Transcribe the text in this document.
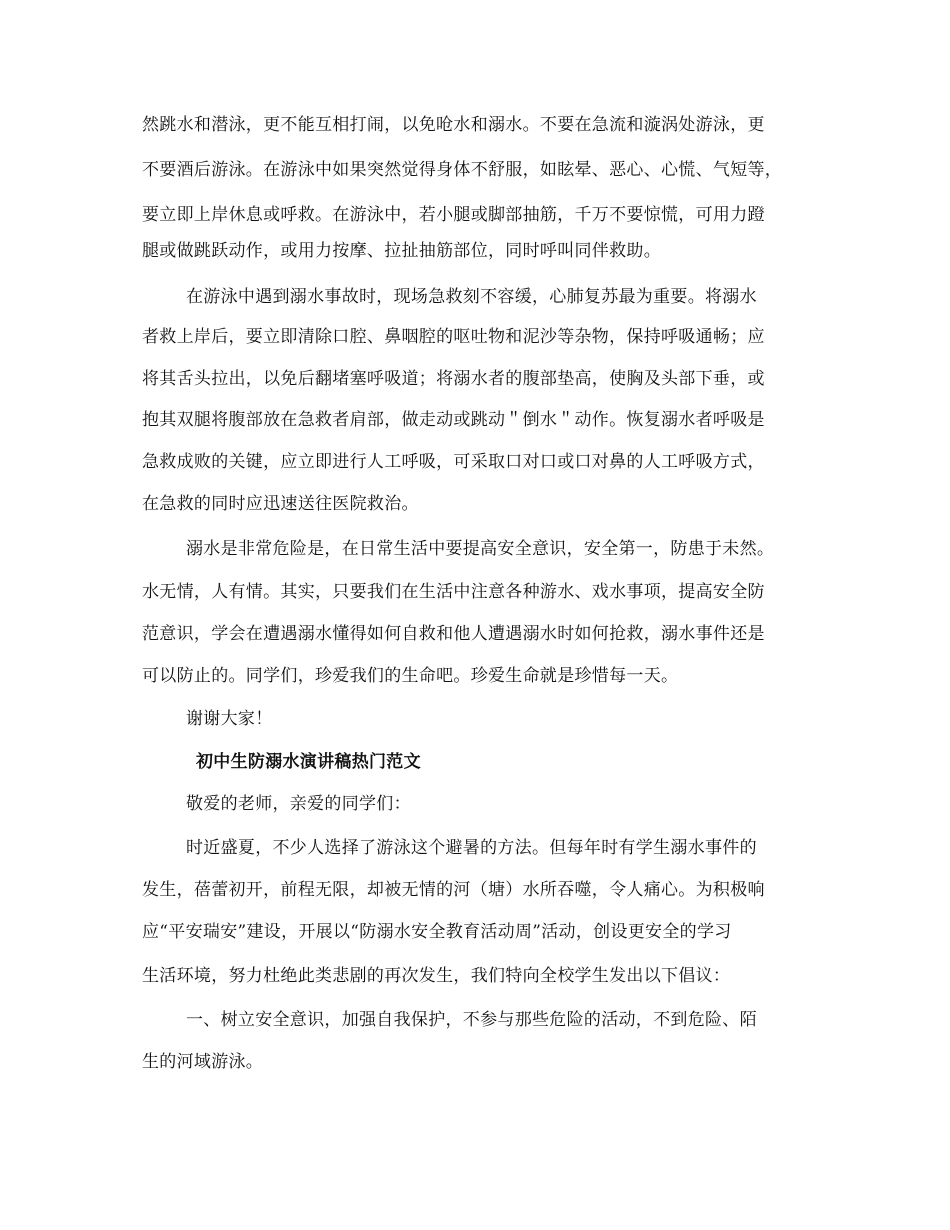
然跳水和潜泳，更不能互相打闹，以免呛水和溺水。不要在急流和漩涡处游泳，更
不要酒后游泳。在游泳中如果突然觉得身体不舒服，如眩晕、恶心、心慌、气短等，
要立即上岸休息或呼救。在游泳中，若小腿或脚部抽筋，千万不要惊慌，可用力蹬
腿或做跳跃动作，或用力按摩、拉扯抽筋部位，同时呼叫同伴救助。
在游泳中遇到溺水事故时，现场急救刻不容缓，心肺复苏最为重要。将溺水
者救上岸后，要立即清除口腔、鼻咽腔的呕吐物和泥沙等杂物，保持呼吸通畅；应
将其舌头拉出，以免后翻堵塞呼吸道；将溺水者的腹部垫高，使胸及头部下垂，或
抱其双腿将腹部放在急救者肩部，做走动或跳动＂倒水＂动作。恢复溺水者呼吸是
急救成败的关键，应立即进行人工呼吸，可采取口对口或口对鼻的人工呼吸方式，
在急救的同时应迅速送往医院救治。
溺水是非常危险是，在日常生活中要提高安全意识，安全第一，防患于未然。
水无情，人有情。其实，只要我们在生活中注意各种游水、戏水事项，提高安全防
范意识，学会在遭遇溺水懂得如何自救和他人遭遇溺水时如何抢救，溺水事件还是
可以防止的。同学们，珍爱我们的生命吧。珍爱生命就是珍惜每一天。
谢谢大家！
初中生防溺水演讲稿热门范文
敬爱的老师，亲爱的同学们：
时近盛夏，不少人选择了游泳这个避暑的方法。但每年时有学生溺水事件的
发生，蓓蕾初开，前程无限，却被无情的河（塘）水所吞噬，令人痛心。为积极响
应“平安瑞安”建设，开展以“防溺水安全教育活动周”活动，创设更安全的学习
生活环境，努力杜绝此类悲剧的再次发生，我们特向全校学生发出以下倡议：
一、树立安全意识，加强自我保护，不参与那些危险的活动，不到危险、陌
生的河域游泳。
